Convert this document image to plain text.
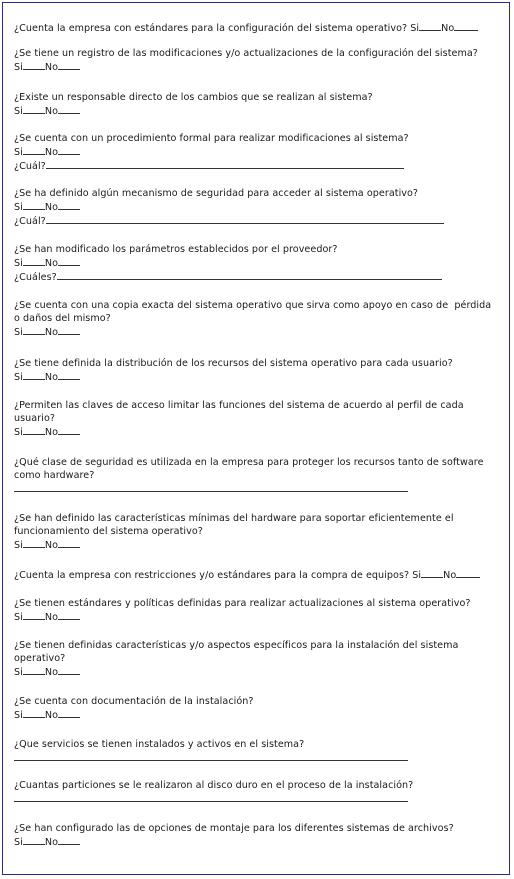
¿Cuenta la empresa con estándares para la configuración del sistema operativo? Si No
¿Se tiene un registro de las modificaciones y/o actualizaciones de la configuración del sistema?
Si No
¿Existe un responsable directo de los cambios que se realizan al sistema?
Si No
¿Se cuenta con un procedimiento formal para realizar modificaciones al sistema?
Si No
¿Cuál?
¿Se ha definido algún mecanismo de seguridad para acceder al sistema operativo?
Si No
¿Cuál?
¿Se han modificado los parámetros establecidos por el proveedor?
Si No
¿Cuáles?
¿Se cuenta con una copia exacta del sistema operativo que sirva como apoyo en caso de  pérdida
o daños del mismo?
Si No
¿Se tiene definida la distribución de los recursos del sistema operativo para cada usuario?
Si No
¿Permiten las claves de acceso limitar las funciones del sistema de acuerdo al perfil de cada
usuario?
Si No
¿Qué clase de seguridad es utilizada en la empresa para proteger los recursos tanto de software
como hardware?
¿Se han definido las características mínimas del hardware para soportar eficientemente el
funcionamiento del sistema operativo?
Si No
¿Cuenta la empresa con restricciones y/o estándares para la compra de equipos? Si No
¿Se tienen estándares y políticas definidas para realizar actualizaciones al sistema operativo?
Si No
¿Se tienen definidas características y/o aspectos específicos para la instalación del sistema
operativo?
Si No
¿Se cuenta con documentación de la instalación?
Si No
¿Que servicios se tienen instalados y activos en el sistema?
¿Cuantas particiones se le realizaron al disco duro en el proceso de la instalación?
¿Se han configurado las de opciones de montaje para los diferentes sistemas de archivos?
Si No
